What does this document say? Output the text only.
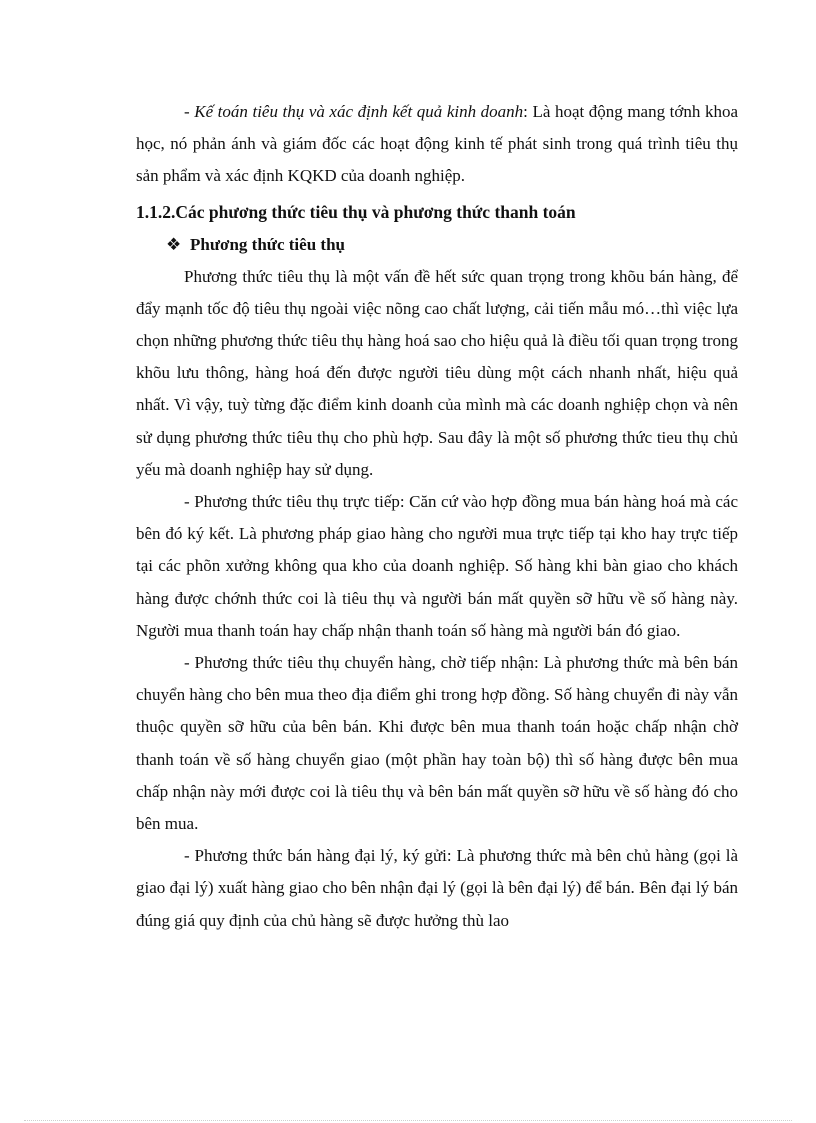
- Kế toán tiêu thụ và xác định kết quả kinh doanh: Là hoạt động mang tớnh khoa học, nó phản ánh và giám đốc các hoạt động kinh tế phát sinh trong quá trình tiêu thụ sản phẩm và xác định KQKD của doanh nghiệp.

1.1.2.Các phương thức tiêu thụ và phương thức thanh toán
❖ Phương thức tiêu thụ

Phương thức tiêu thụ là một vấn đề hết sức quan trọng trong khõu bán hàng, để đẩy mạnh tốc độ tiêu thụ ngoài việc nõng cao chất lượng, cải tiến mẫu mó…thì việc lựa chọn những phương thức tiêu thụ hàng hoá sao cho hiệu quả là điều tối quan trọng trong khõu lưu thông, hàng hoá đến được người tiêu dùng một cách nhanh nhất, hiệu quả nhất. Vì vậy, tuỳ từng đặc điểm kinh doanh của mình mà các doanh nghiệp chọn và nên sử dụng phương thức tiêu thụ cho phù hợp. Sau đây là một số phương thức tieu thụ chủ yếu mà doanh nghiệp hay sử dụng.

- Phương thức tiêu thụ trực tiếp: Căn cứ vào hợp đồng mua bán hàng hoá mà các bên đó ký kết. Là phương pháp giao hàng cho người mua trực tiếp tại kho hay trực tiếp tại các phõn xưởng không qua kho của doanh nghiệp. Số hàng khi bàn giao cho khách hàng được chớnh thức coi là tiêu thụ và người bán mất quyền sỡ hữu về số hàng này. Người mua thanh toán hay chấp nhận thanh toán số hàng mà người bán đó giao.

- Phương thức tiêu thụ chuyển hàng, chờ tiếp nhận: Là phương thức mà bên bán chuyển hàng cho bên mua theo địa điểm ghi trong hợp đồng. Số hàng chuyển đi này vẫn thuộc quyền sỡ hữu của bên bán. Khi được bên mua thanh toán hoặc chấp nhận chờ thanh toán về số hàng chuyển giao (một phần hay toàn bộ) thì số hàng được bên mua chấp nhận này mới được coi là tiêu thụ và bên bán mất quyền sỡ hữu về số hàng đó cho bên mua.

- Phương thức bán hàng đại lý, ký gửi: Là phương thức mà bên chủ hàng (gọi là giao đại lý) xuất hàng giao cho bên nhận đại lý (gọi là bên đại lý) để bán. Bên đại lý bán đúng giá quy định của chủ hàng sẽ được hưởng thù lao
